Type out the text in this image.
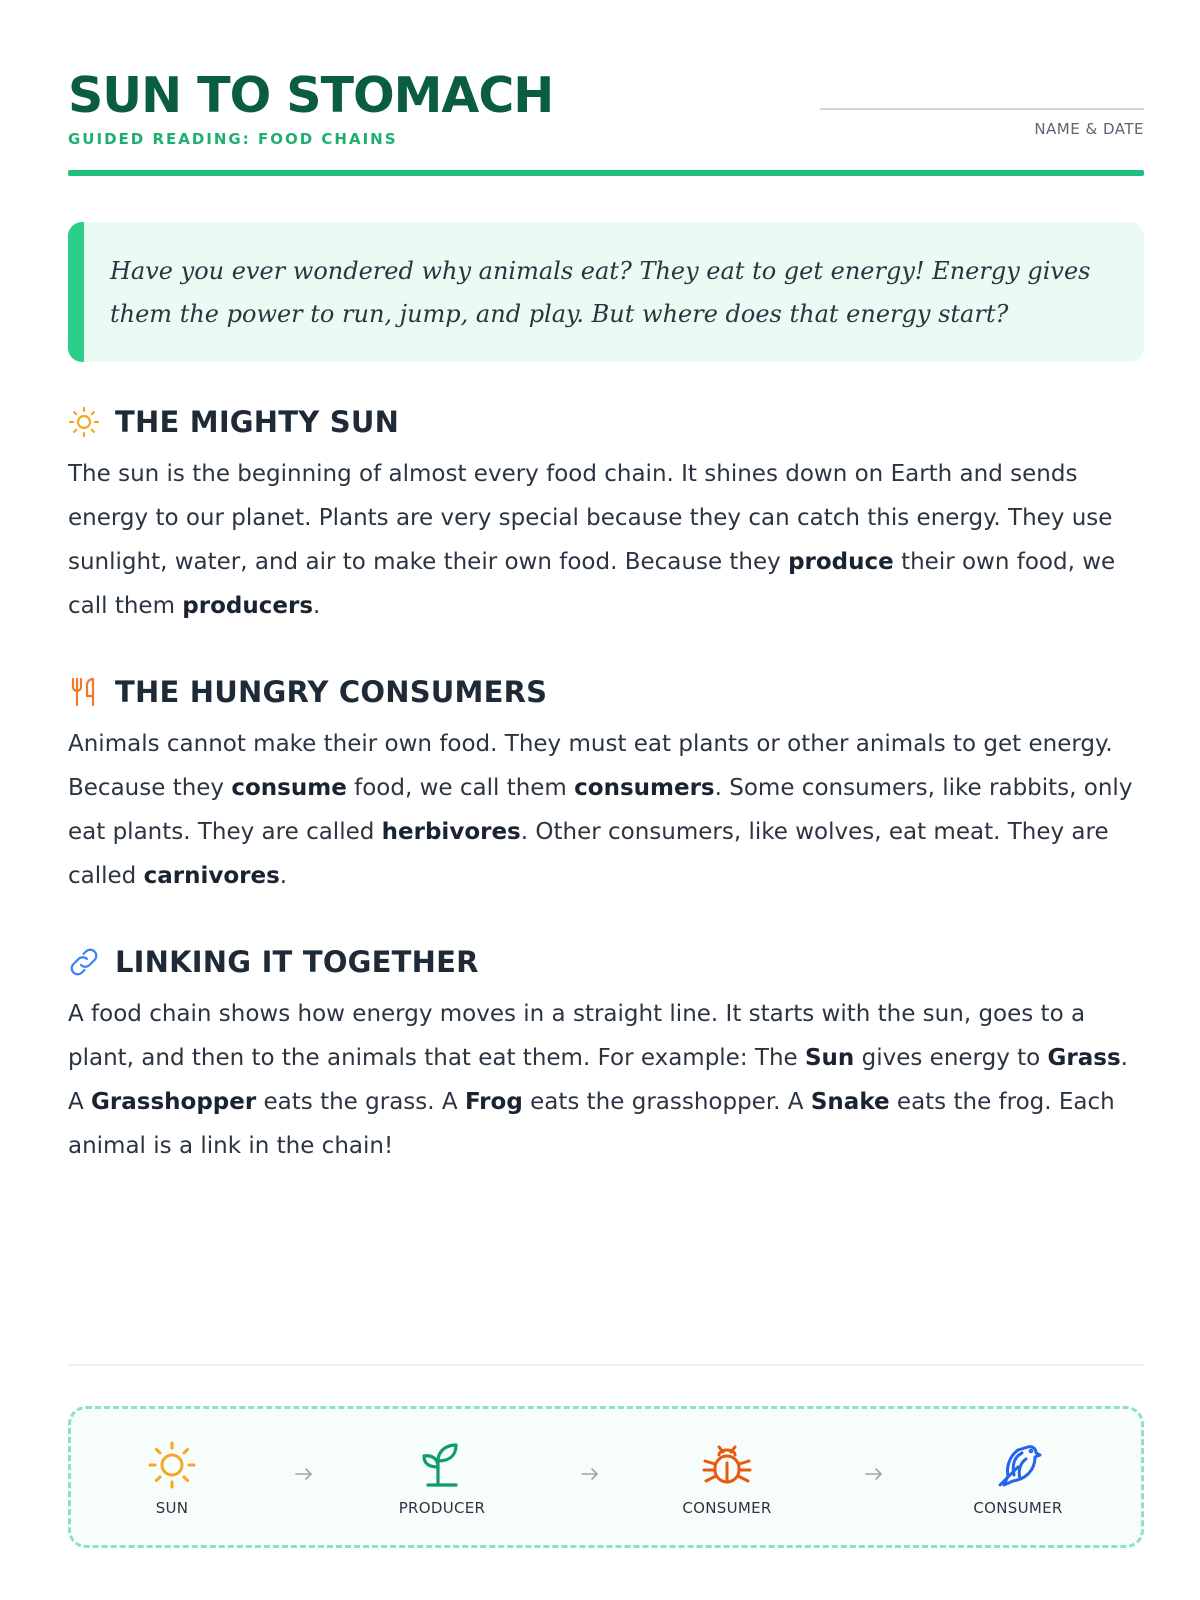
SUN TO STOMACH
GUIDED READING: FOOD CHAINS
NAME & DATE

Have you ever wondered why animals eat? They eat to get energy! Energy gives them the power to run, jump, and play. But where does that energy start?

THE MIGHTY SUN

The sun is the beginning of almost every food chain. It shines down on Earth and sends energy to our planet. Plants are very special because they can catch this energy. They use sunlight, water, and air to make their own food. Because they produce their own food, we call them producers.

THE HUNGRY CONSUMERS

Animals cannot make their own food. They must eat plants or other animals to get energy. Because they consume food, we call them consumers. Some consumers, like rabbits, only eat plants. They are called herbivores. Other consumers, like wolves, eat meat. They are called carnivores.

LINKING IT TOGETHER

A food chain shows how energy moves in a straight line. It starts with the sun, goes to a plant, and then to the animals that eat them. For example: The Sun gives energy to Grass. A Grasshopper eats the grass. A Frog eats the grasshopper. A Snake eats the frog. Each animal is a link in the chain!

SUN	PRODUCER	CONSUMER	CONSUMER
